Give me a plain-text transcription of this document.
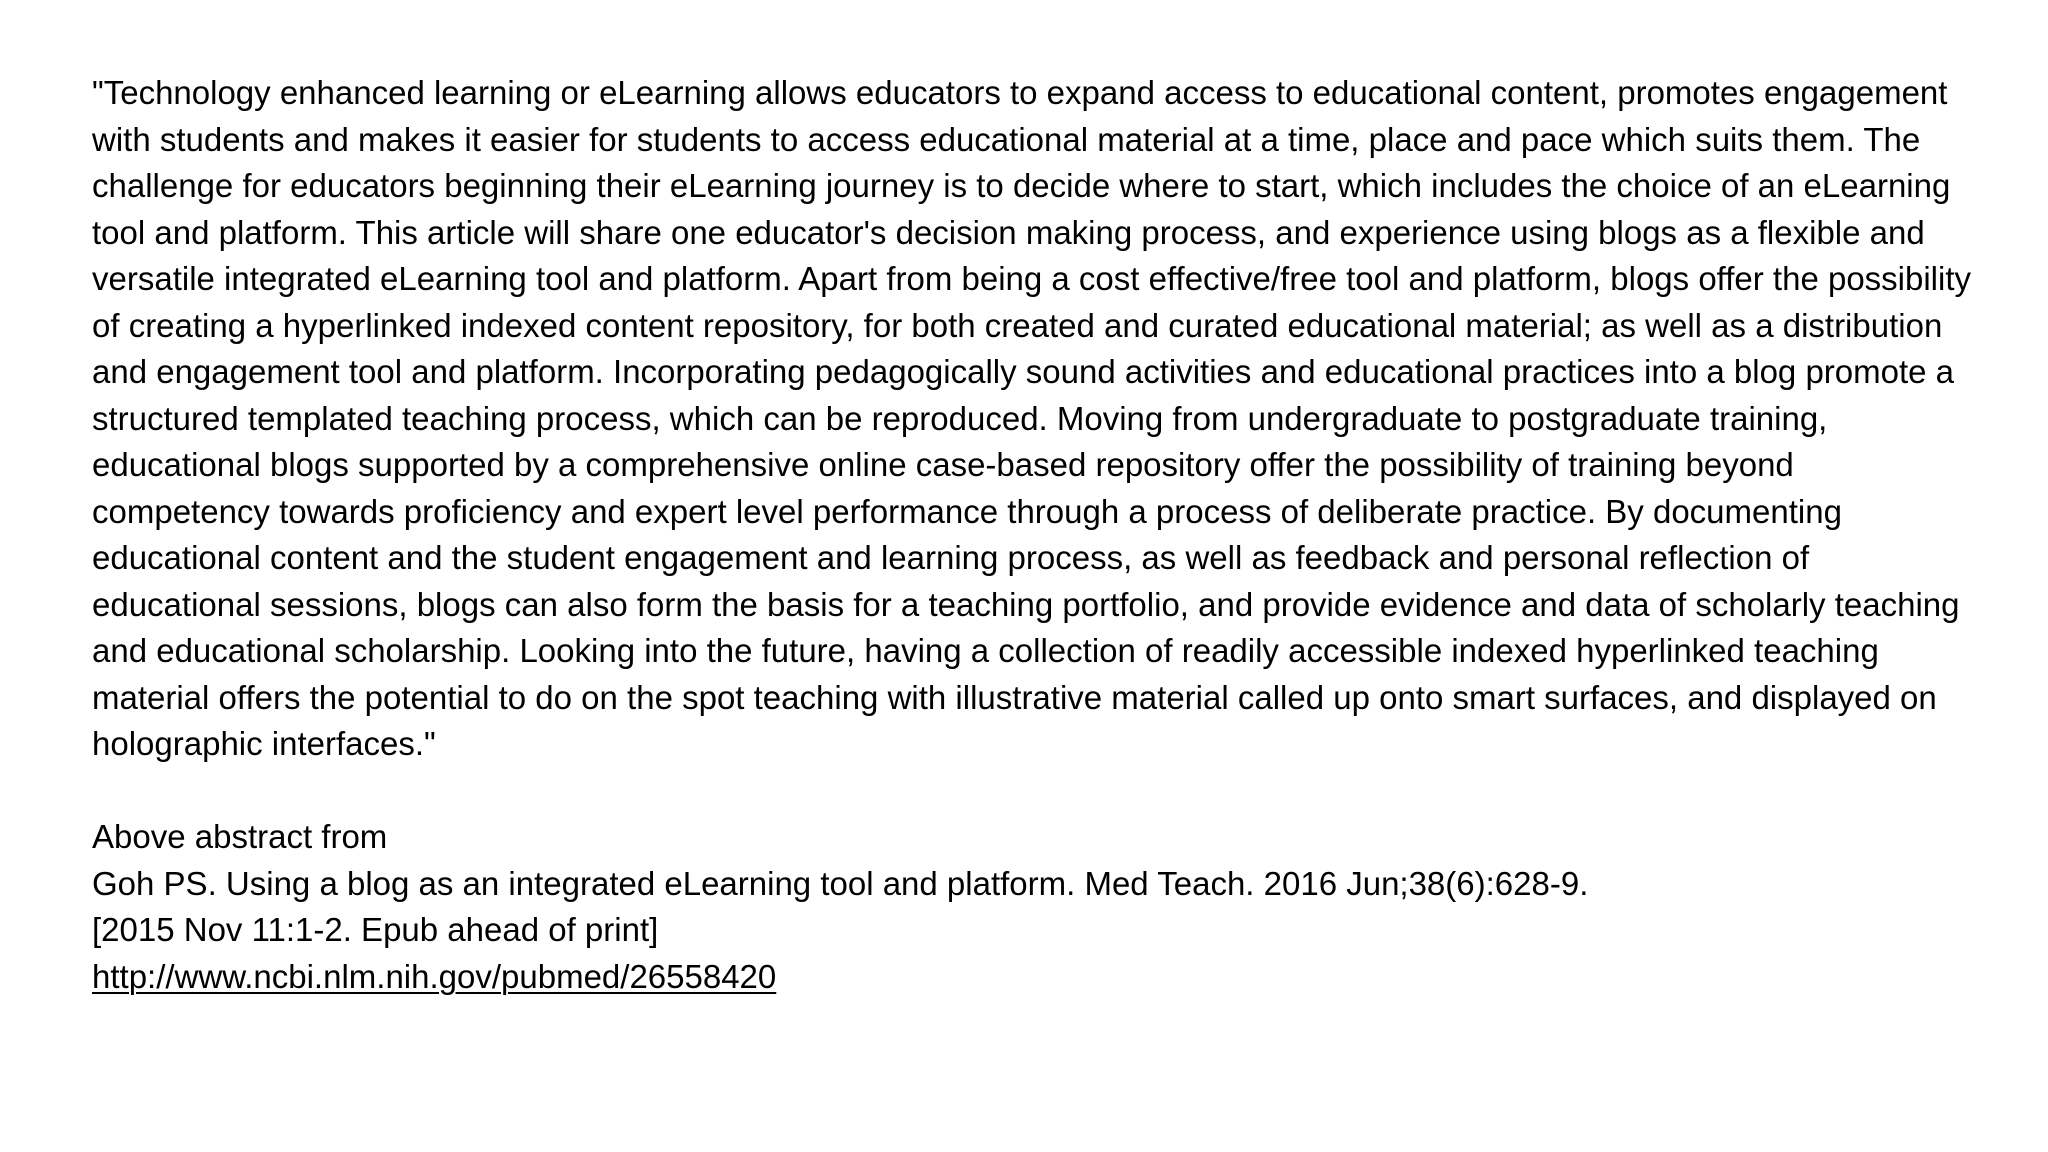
"Technology enhanced learning or eLearning allows educators to expand access to educational content, promotes engagement with students and makes it easier for students to access educational material at a time, place and pace which suits them. The challenge for educators beginning their eLearning journey is to decide where to start, which includes the choice of an eLearning tool and platform. This article will share one educator's decision making process, and experience using blogs as a flexible and versatile integrated eLearning tool and platform. Apart from being a cost effective/free tool and platform, blogs offer the possibility of creating a hyperlinked indexed content repository, for both created and curated educational material; as well as a distribution and engagement tool and platform. Incorporating pedagogically sound activities and educational practices into a blog promote a structured templated teaching process, which can be reproduced. Moving from undergraduate to postgraduate training, educational blogs supported by a comprehensive online case-based repository offer the possibility of training beyond competency towards proficiency and expert level performance through a process of deliberate practice. By documenting educational content and the student engagement and learning process, as well as feedback and personal reflection of educational sessions, blogs can also form the basis for a teaching portfolio, and provide evidence and data of scholarly teaching and educational scholarship. Looking into the future, having a collection of readily accessible indexed hyperlinked teaching material offers the potential to do on the spot teaching with illustrative material called up onto smart surfaces, and displayed on holographic interfaces."

Above abstract from
Goh PS. Using a blog as an integrated eLearning tool and platform. Med Teach. 2016 Jun;38(6):628-9.
[2015 Nov 11:1-2. Epub ahead of print]
http://www.ncbi.nlm.nih.gov/pubmed/26558420
